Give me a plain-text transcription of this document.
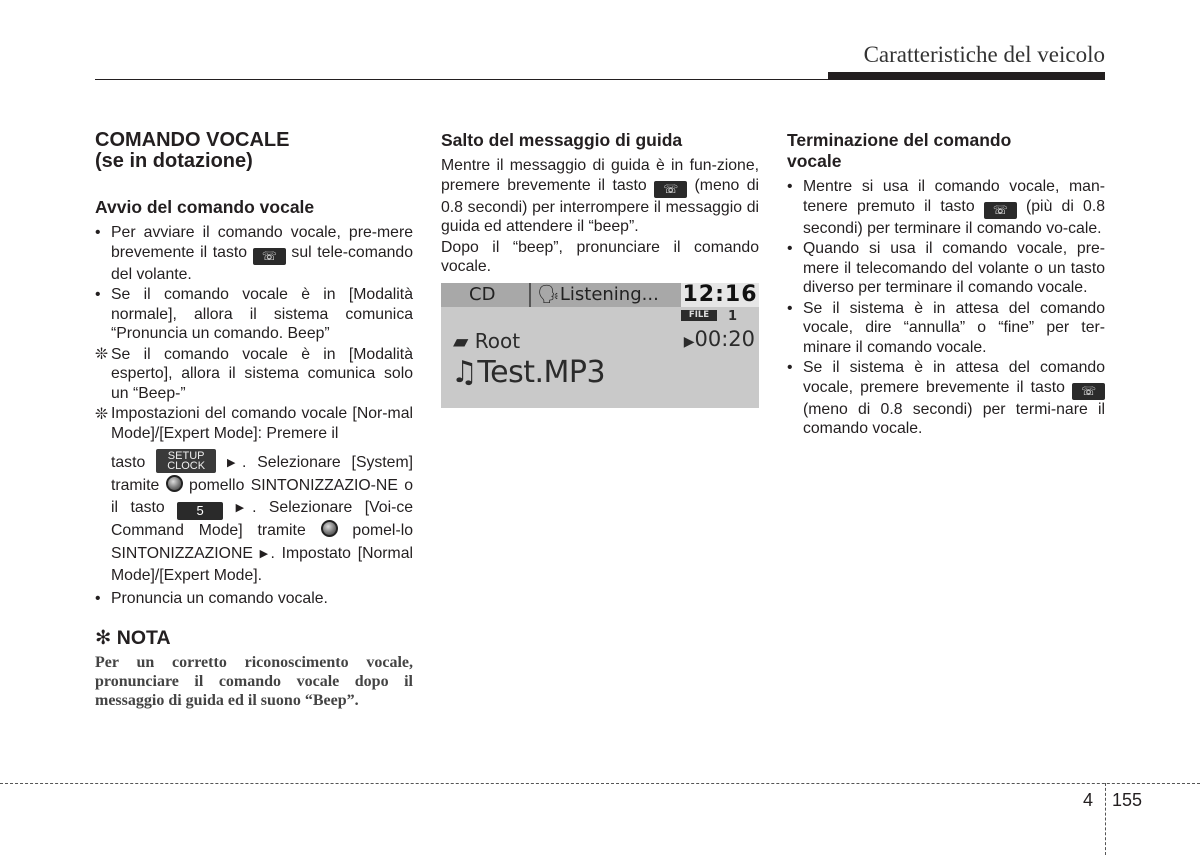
Caratteristiche del veicolo
COMANDO VOCALE
(se in dotazione)
Avvio del comando vocale
• Per avviare il comando vocale, pre-mere brevemente il tasto ☏ sul tele-comando del volante.
• Se il comando vocale è in [Modalità normale], allora il sistema comunica “Pronuncia un comando. Beep”
❊ Se il comando vocale è in [Modalità esperto], allora il sistema comunica solo un “Beep-”
❊ Impostazioni del comando vocale [Nor-mal Mode]/[Expert Mode]: Premere il tasto SETUP
CLOCK ▶. Selezionare [System] tramite pomello SINTONIZZAZIO-NE o il tasto 5	▶. Selezionare [Voi-ce Command Mode] tramite	pomel-lo SINTONIZZAZIONE ▶. Impostato [Normal Mode]/[Expert Mode].
• Pronuncia un comando vocale.
✻ NOTA
Per un corretto riconoscimento vocale, pronunciare il comando vocale dopo il messaggio di guida ed il suono “Beep”.
Salto del messaggio di guida

Mentre il messaggio di guida è in fun-zione, premere brevemente il tasto ☏ (meno di 0.8 secondi) per interrompere il messaggio di guida ed attendere il “beep”.

Dopo il “beep”, pronunciare il comando vocale.

CD 🗣Listening... 12:16
FILE	1
▰ Root	▶00:20
♫Test.MP3
Terminazione del comando
vocale
• Mentre si usa il comando vocale, man-tenere premuto il tasto ☏ (più di 0.8 secondi) per terminare il comando vo-cale.
• Quando si usa il comando vocale, pre-mere il telecomando del volante o un tasto diverso per terminare il comando vocale.
• Se il sistema è in attesa del comando vocale, dire “annulla” o “fine” per ter-minare il comando vocale.
• Se il sistema è in attesa del comando vocale, premere brevemente il tasto ☏ (meno di 0.8 secondi) per termi-nare il comando vocale.
4 155
